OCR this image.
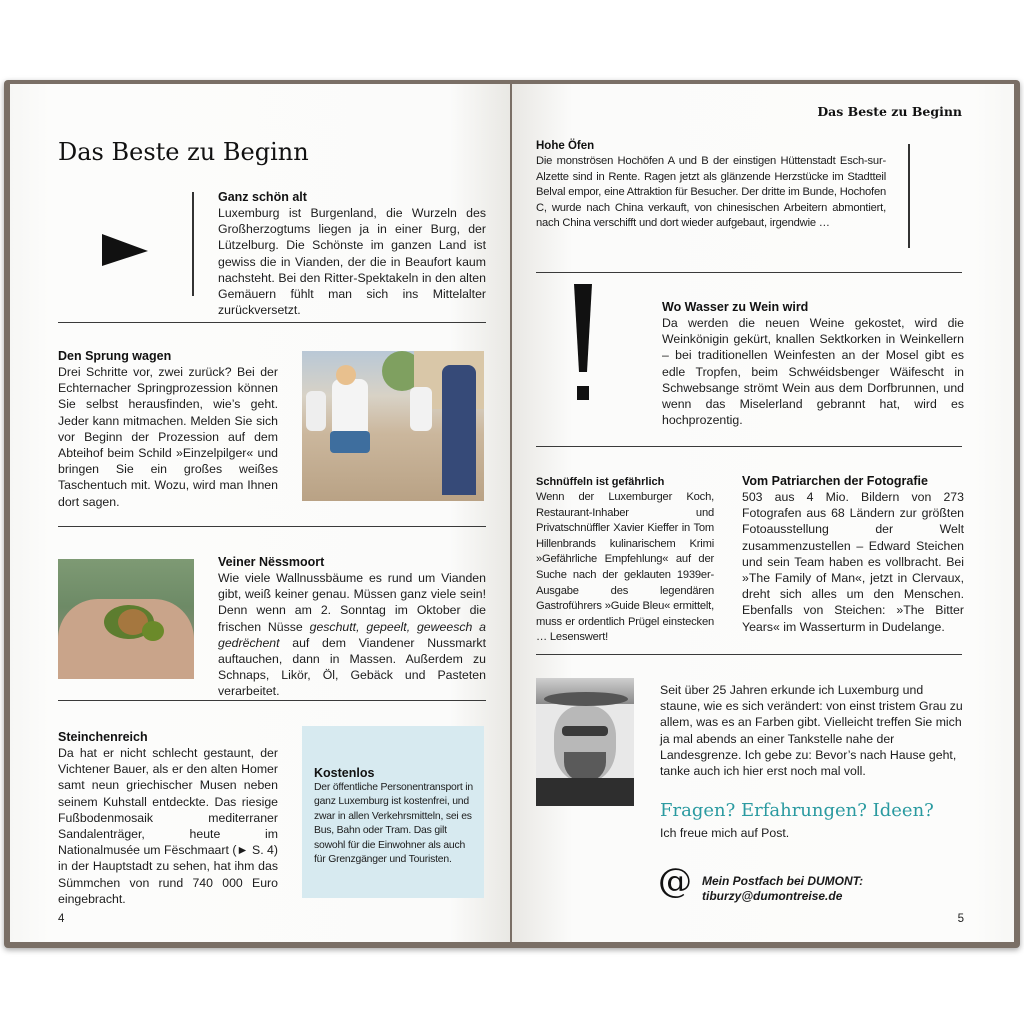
Das Beste zu Beginn
Ganz schön alt
Luxemburg ist Burgenland, die Wurzeln des Großherzogtums liegen ja in einer Burg, der Lützelburg. Die Schönste im ganzen Land ist gewiss die in Vianden, der die in Beaufort kaum nachsteht. Bei den Ritter-Spektakeln in den alten Gemäuern fühlt man sich ins Mittelalter zurückversetzt.
Den Sprung wagen
Drei Schritte vor, zwei zurück? Bei der Echternacher Springprozession können Sie selbst herausfinden, wie’s geht. Jeder kann mitmachen. Melden Sie sich vor Beginn der Prozession auf dem Abteihof beim Schild »Einzelpilger« und bringen Sie ein großes weißes Taschentuch mit. Wozu, wird man Ihnen dort sagen.
Veiner Nëssmoort
Wie viele Wallnussbäume es rund um Vianden gibt, weiß keiner genau. Müssen ganz viele sein! Denn wenn am 2. Sonntag im Oktober die frischen Nüsse geschutt, gepeelt, geweesch a gedrëchent auf dem Viandener Nussmarkt auftauchen, dann in Massen. Außerdem zu Schnaps, Likör, Öl, Gebäck und Pasteten verarbeitet.
Steinchenreich
Da hat er nicht schlecht gestaunt, der Vichtener Bauer, als er den alten Homer samt neun griechischer Musen neben seinem Kuhstall entdeckte. Das riesige Fußbodenmosaik mediterraner Sandalenträger, heute im Nationalmusée um Fëschmaart (► S. 4) in der Hauptstadt zu sehen, hat ihm das Sümmchen von rund 740 000 Euro eingebracht.
Kostenlos
Der öffentliche Personentransport in ganz Luxemburg ist kostenfrei, und zwar in allen Verkehrsmitteln, sei es Bus, Bahn oder Tram. Das gilt sowohl für die Einwohner als auch für Grenzgänger und Touristen.
4
Das Beste zu Beginn
Hohe Öfen
Die monströsen Hochöfen A und B der einstigen Hüttenstadt Esch-sur-Alzette sind in Rente. Ragen jetzt als glänzende Herzstücke im Stadtteil Belval empor, eine Attraktion für Besucher. Der dritte im Bunde, Hochofen C, wurde nach China verkauft, von chinesischen Arbeitern abmontiert, nach China verschifft und dort wieder aufgebaut, irgendwie …
Wo Wasser zu Wein wird
Da werden die neuen Weine gekostet, wird die Weinkönigin gekürt, knallen Sektkorken in Weinkellern – bei traditionellen Weinfesten an der Mosel gibt es edle Tropfen, beim Schwéidsbenger Wäifescht in Schwebsange strömt Wein aus dem Dorfbrunnen, und wenn das Miselerland gebrannt hat, wird es hochprozentig.
Schnüffeln ist gefährlich
Wenn der Luxemburger Koch, Restaurant-Inhaber und Privatschnüffler Xavier Kieffer in Tom Hillenbrands kulinarischem Krimi »Gefährliche Empfehlung« auf der Suche nach der geklauten 1939er-Ausgabe des legendären Gastroführers »Guide Bleu« ermittelt, muss er ordentlich Prügel einstecken … Lesenswert!
Vom Patriarchen der Fotografie
503 aus 4 Mio. Bildern von 273 Fotografen aus 68 Ländern zur größten Fotoausstellung der Welt zusammenzustellen – Edward Steichen und sein Team haben es vollbracht. Bei »The Family of Man«, jetzt in Clervaux, dreht sich alles um den Menschen. Ebenfalls von Steichen: »The Bitter Years« im Wasserturm in Dudelange.
Seit über 25 Jahren erkunde ich Luxemburg und staune, wie es sich verändert: von einst tristem Grau zu allem, was es an Farben gibt. Vielleicht treffen Sie mich ja mal abends an einer Tankstelle nahe der Landesgrenze. Ich gebe zu: Bevor’s nach Hause geht, tanke auch ich hier erst noch mal voll.
Fragen? Erfahrungen? Ideen?
Ich freue mich auf Post.
@ Mein Postfach bei DUMONT:
tiburzy@dumontreise.de
5
